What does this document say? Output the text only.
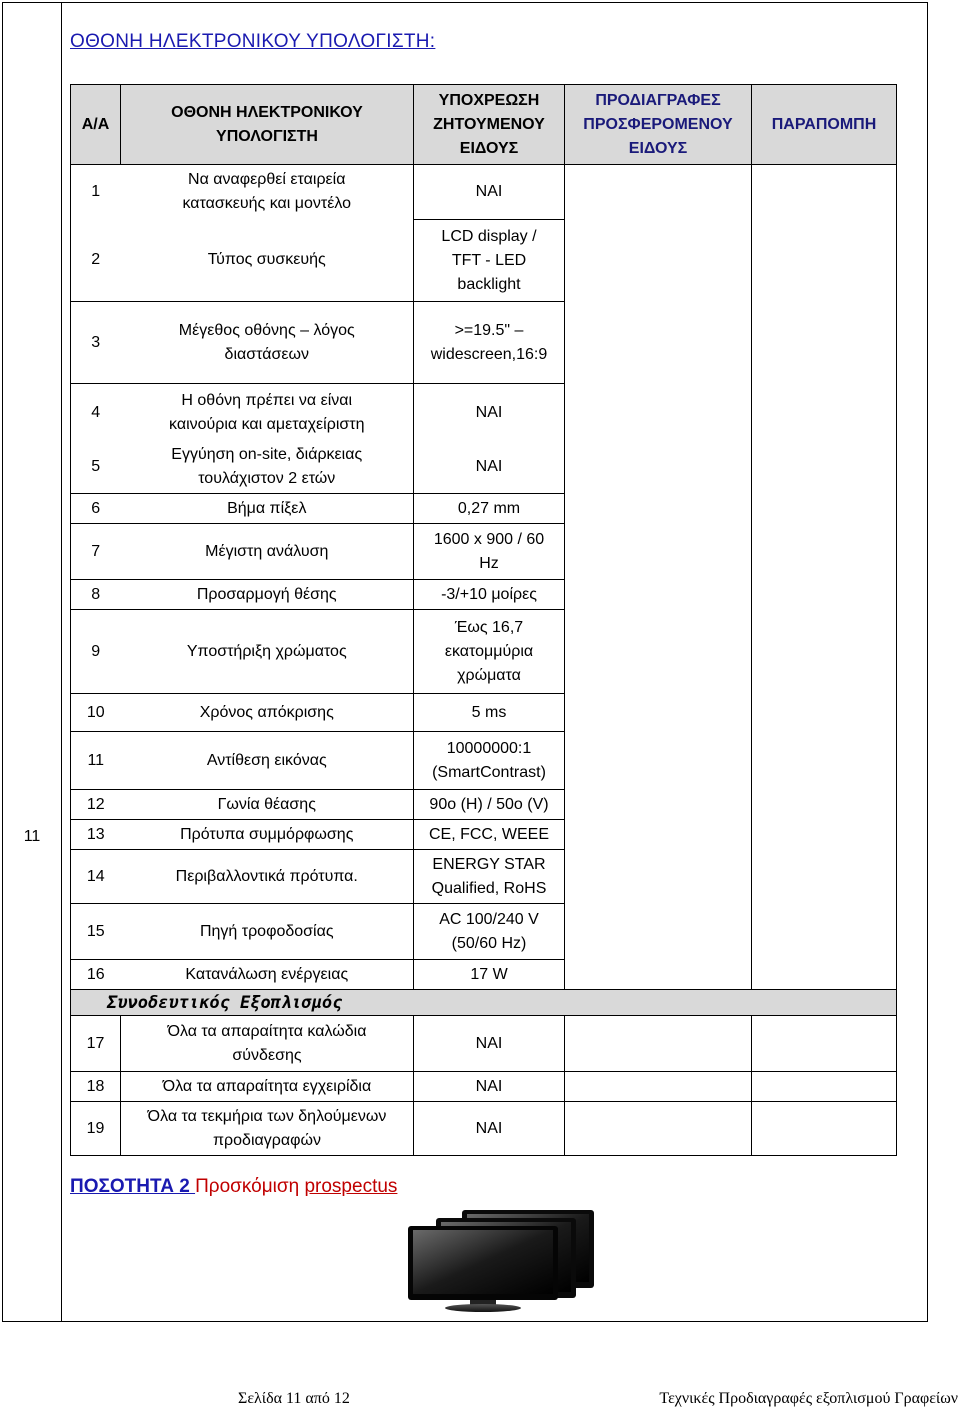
11
ΟΘΟΝΗ ΗΛΕΚΤΡΟΝΙΚΟΥ ΥΠΟΛΟΓΙΣΤΗ:
Α/Α	ΟΘΟΝΗ ΗΛΕΚΤΡΟΝΙΚΟΥ ΥΠΟΛΟΓΙΣΤΗ	ΥΠΟΧΡΕΩΣΗ ΖΗΤΟΥΜΕΝΟΥ ΕΙΔΟΥΣ	ΠΡΟΔΙΑΓΡΑΦΕΣ ΠΡΟΣΦΕΡΟΜΕΝΟΥ ΕΙΔΟΥΣ	ΠΑΡΑΠΟΜΠΗ
1	Να αναφερθεί εταιρεία κατασκευής και μοντέλο	ΝΑΙ		
2	Τύπος συσκευής	LCD display / TFT - LED backlight		

3	Μέγεθος οθόνης – λόγος διαστάσεων	>=19.5" – widescreen,16:9		

4	Η οθόνη πρέπει να είναι καινούρια και αμεταχείριστη	ΝΑΙ		
5	Εγγύηση on-site, διάρκειας τουλάχιστον 2 ετών	ΝΑΙ		
6	Βήμα πίξελ	0,27 mm		
7	Μέγιστη ανάλυση	1600 x 900 / 60 Hz		

8	Προσαρμογή θέσης	-3/+10 μοίρες		
9	Υποστήριξη χρώματος	Έως 16,7 εκατομμύρια χρώματα		

10	Χρόνος απόκρισης	5 ms		
11	Αντίθεση εικόνας	10000000:1 (SmartContrast)		

12	Γωνία θέασης	90ο (H) / 50ο (V)		
13	Πρότυπα συμμόρφωσης	CE, FCC, WEEE		
14	Περιβαλλοντικά πρότυπα.	ENERGY STAR Qualified, RoHS		

15	Πηγή τροφοδοσίας	AC 100/240 V (50/60 Hz)		

16	Κατανάλωση ενέργειας	17 W		

Συνοδευτικός Εξοπλισμός				

17	Όλα τα απαραίτητα καλώδια σύνδεσης	ΝΑΙ		
18	Όλα τα απαραίτητα εγχειρίδια	ΝΑΙ		
19	Όλα τα τεκμήρια των δηλούμενων προδιαγραφών	ΝΑΙ		
ΠΟΣΟΤΗΤΑ 2 Προσκόμιση prospectus
Σελίδα 11 από 12	Τεχνικές Προδιαγραφές εξοπλισμού Γραφείων
